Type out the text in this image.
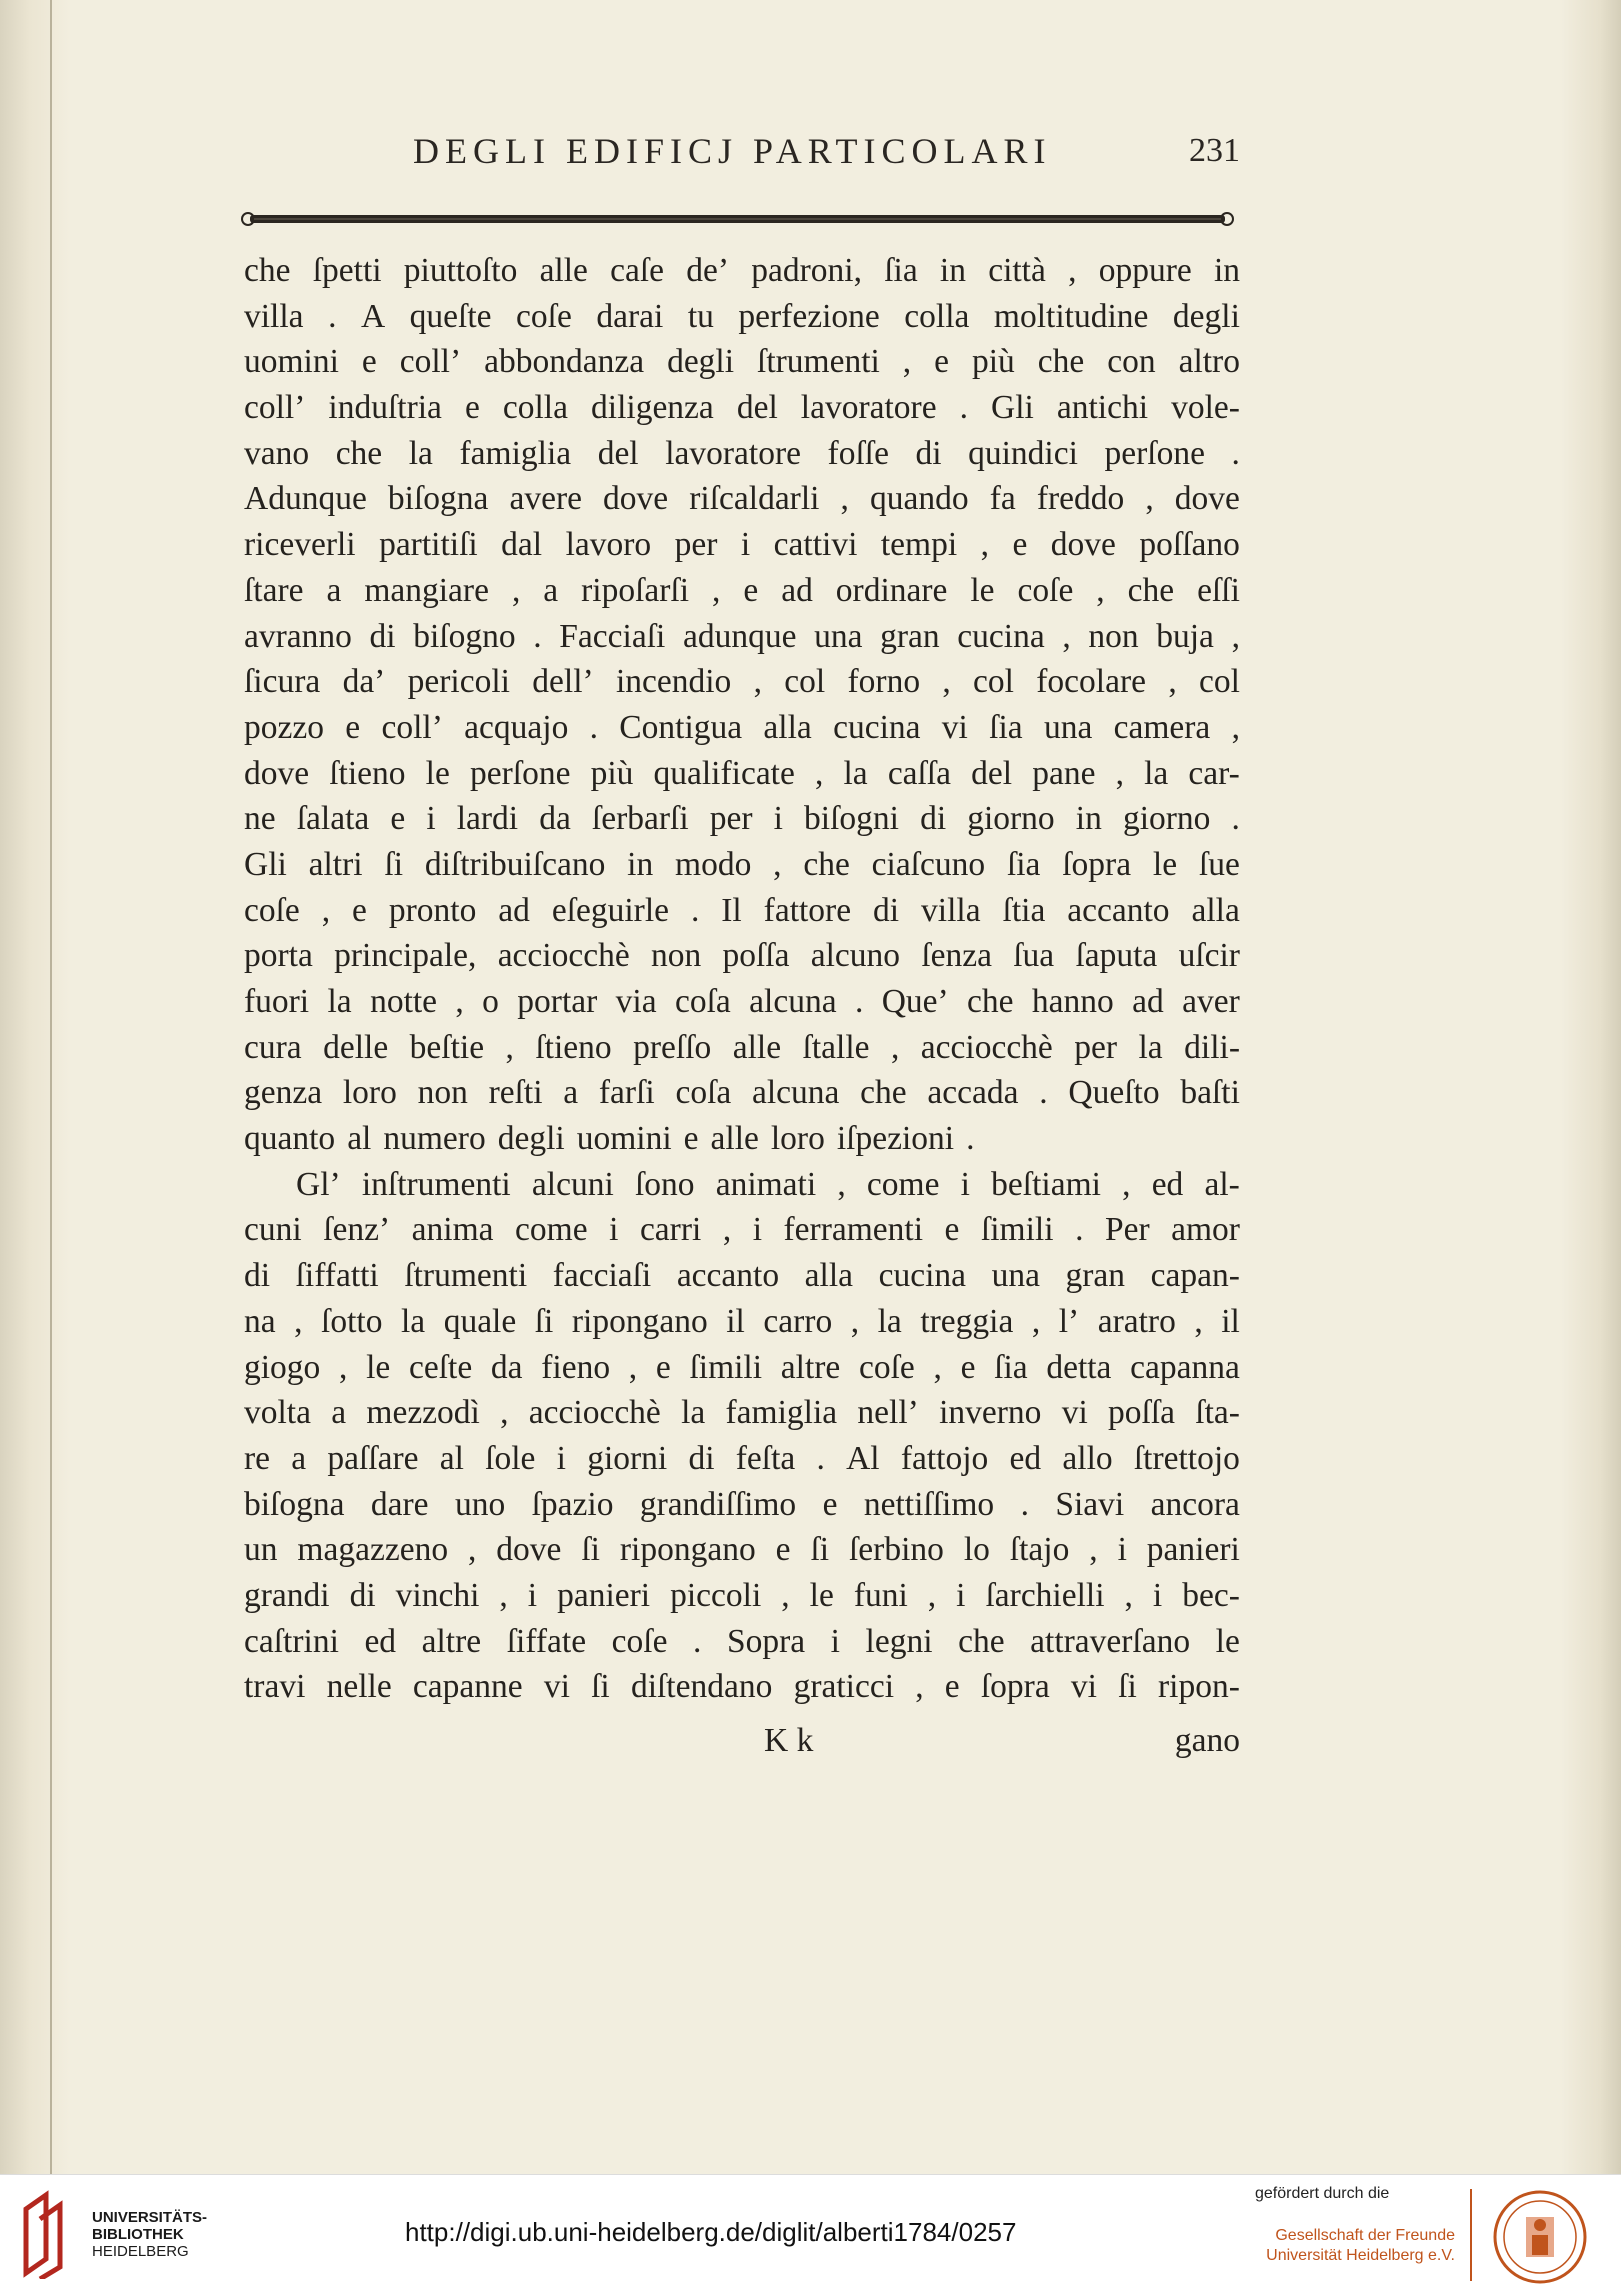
DEGLI EDIFICJ PARTICOLARI	231
che ſpetti piuttoſto alle caſe de’ padroni, ſia in città , oppure in
villa . A queſte coſe darai tu perfezione colla moltitudine degli
uomini e coll’ abbondanza degli ſtrumenti , e più che con altro
coll’ induſtria e colla diligenza del lavoratore . Gli antichi vole-
vano che la famiglia del lavoratore foſſe di quindici perſone .
Adunque biſogna avere dove riſcaldarli , quando fa freddo , dove
riceverli partitiſi dal lavoro per i cattivi tempi , e dove poſſano
ſtare a mangiare , a ripoſarſi , e ad ordinare le coſe , che eſſi
avranno di biſogno . Facciaſi adunque una gran cucina , non buja ,
ſicura da’ pericoli dell’ incendio , col forno , col focolare , col
pozzo e coll’ acquajo . Contigua alla cucina vi ſia una camera ,
dove ſtieno le perſone più qualificate , la caſſa del pane , la car-
ne ſalata e i lardi da ſerbarſi per i biſogni di giorno in giorno .
Gli altri ſi diſtribuiſcano in modo , che ciaſcuno ſia ſopra le ſue
coſe , e pronto ad eſeguirle . Il fattore di villa ſtia accanto alla
porta principale, acciocchè non poſſa alcuno ſenza ſua ſaputa uſcir
fuori la notte , o portar via coſa alcuna . Que’ che hanno ad aver
cura delle beſtie , ſtieno preſſo alle ſtalle , acciocchè per la dili-
genza loro non reſti a farſi coſa alcuna che accada . Queſto baſti
quanto al numero degli uomini e alle loro iſpezioni .
Gl’ inſtrumenti alcuni ſono animati , come i beſtiami , ed al-
cuni ſenz’ anima come i carri , i ferramenti e ſimili . Per amor
di ſiffatti ſtrumenti facciaſi accanto alla cucina una gran capan-
na , ſotto la quale ſi ripongano il carro , la treggia , l’ aratro , il
giogo , le ceſte da fieno , e ſimili altre coſe , e ſia detta capanna
volta a mezzodì , acciocchè la famiglia nell’ inverno vi poſſa ſta-
re a paſſare al ſole i giorni di feſta . Al fattojo ed allo ſtrettojo
biſogna dare uno ſpazio grandiſſimo e nettiſſimo . Siavi ancora
un magazzeno , dove ſi ripongano e ſi ſerbino lo ſtajo , i panieri
grandi di vinchi , i panieri piccoli , le funi , i ſarchielli , i bec-
caſtrini ed altre ſiffate coſe . Sopra i legni che attraverſano le
travi nelle capanne vi ſi diſtendano graticci , e ſopra vi ſi ripon-
K k	gano
UNIVERSITÄTS-
BIBLIOTHEK
HEIDELBERG
http://digi.ub.uni-heidelberg.de/diglit/alberti1784/0257
gefördert durch die
Gesellschaft der Freunde
Universität Heidelberg e.V.
